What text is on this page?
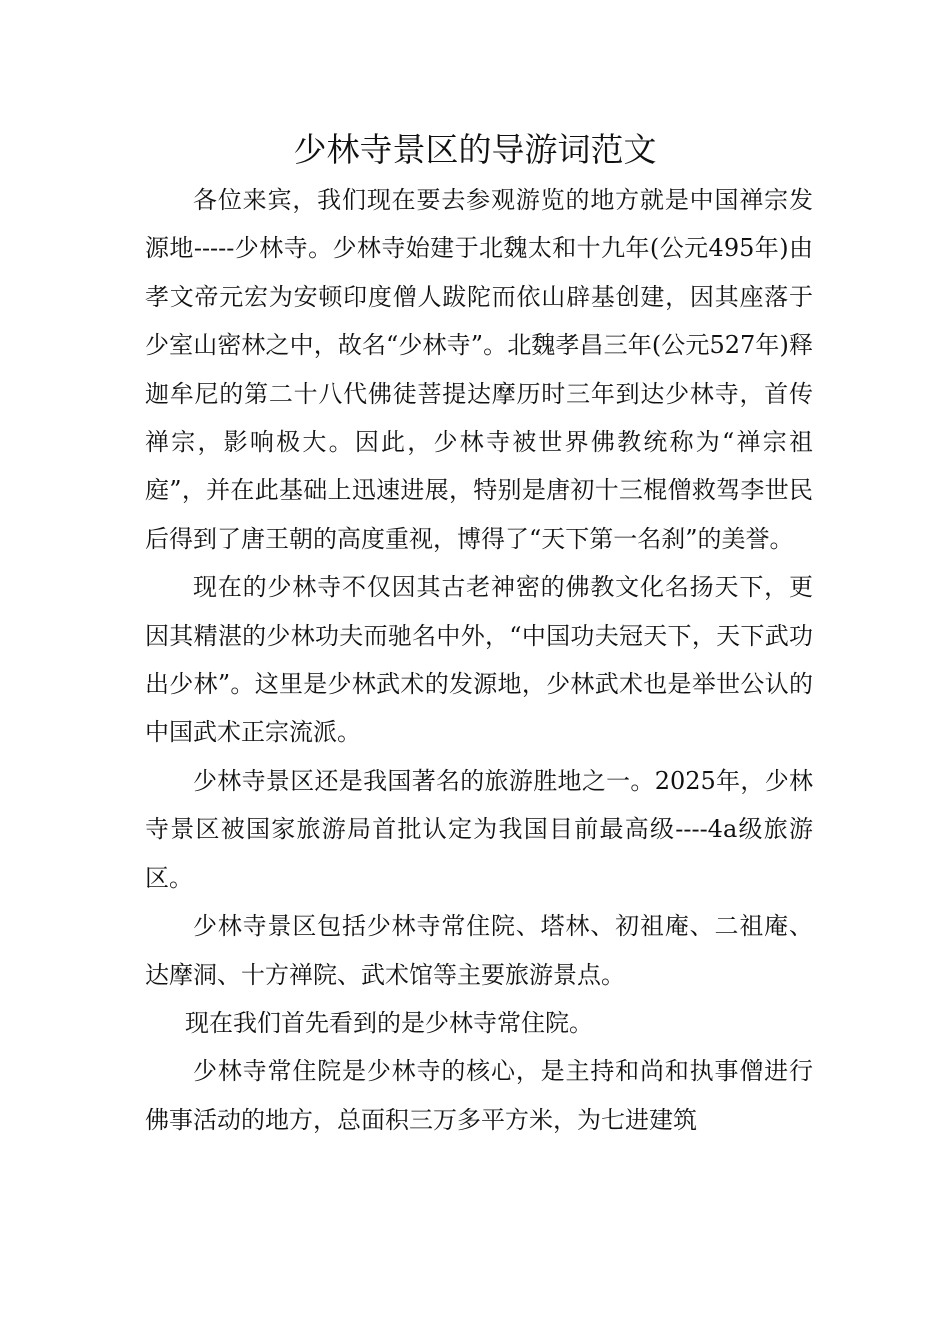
少林寺景区的导游词范文

各位来宾，我们现在要去参观游览的地方就是中国禅宗发源地-----少林寺。少林寺始建于北魏太和十九年(公元495年)由孝文帝元宏为安顿印度僧人跋陀而依山辟基创建，因其座落于少室山密林之中，故名“少林寺”。北魏孝昌三年(公元527年)释迦牟尼的第二十八代佛徒菩提达摩历时三年到达少林寺，首传禅宗，影响极大。因此，少林寺被世界佛教统称为“禅宗祖庭”，并在此基础上迅速进展，特别是唐初十三棍僧救驾李世民后得到了唐王朝的高度重视，博得了“天下第一名刹”的美誉。

现在的少林寺不仅因其古老神密的佛教文化名扬天下，更因其精湛的少林功夫而驰名中外，“中国功夫冠天下，天下武功出少林”。这里是少林武术的发源地，少林武术也是举世公认的中国武术正宗流派。

少林寺景区还是我国著名的旅游胜地之一。2025年，少林寺景区被国家旅游局首批认定为我国目前最高级----4a级旅游区。

少林寺景区包括少林寺常住院、塔林、初祖庵、二祖庵、达摩洞、十方禅院、武术馆等主要旅游景点。

现在我们首先看到的是少林寺常住院。

少林寺常住院是少林寺的核心，是主持和尚和执事僧进行佛事活动的地方，总面积三万多平方米，为七进建筑
